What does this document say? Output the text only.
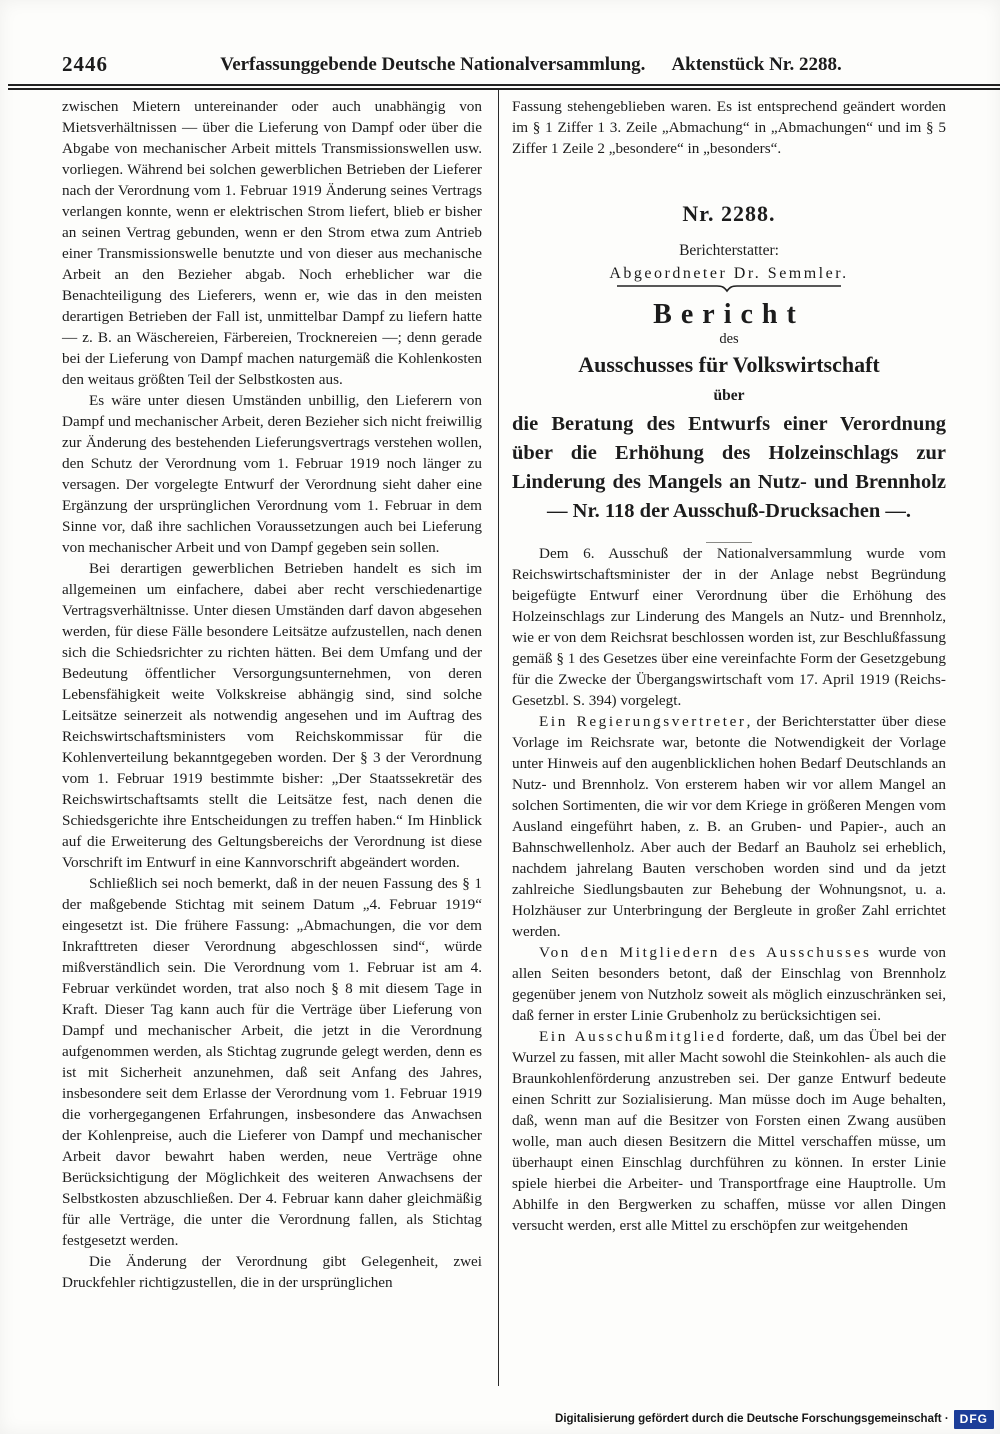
2446	Verfassunggebende Deutsche Nationalversammlung. Aktenstück Nr. 2288.

zwischen Mietern untereinander oder auch unabhängig von Mietsverhältnissen — über die Lieferung von Dampf oder über die Abgabe von mechanischer Arbeit mittels Transmissionswellen usw. vorliegen. Während bei solchen gewerblichen Betrieben der Lieferer nach der Verordnung vom 1. Februar 1919 Änderung seines Vertrags verlangen konnte, wenn er elektrischen Strom liefert, blieb er bisher an seinen Vertrag gebunden, wenn er den Strom etwa zum Antrieb einer Transmissionswelle benutzte und von dieser aus mechanische Arbeit an den Bezieher abgab. Noch erheblicher war die Benachteiligung des Lieferers, wenn er, wie das in den meisten derartigen Betrieben der Fall ist, unmittelbar Dampf zu liefern hatte — z. B. an Wäschereien, Färbereien, Trocknereien —; denn gerade bei der Lieferung von Dampf machen naturgemäß die Kohlenkosten den weitaus größten Teil der Selbstkosten aus.

Es wäre unter diesen Umständen unbillig, den Lieferern von Dampf und mechanischer Arbeit, deren Bezieher sich nicht freiwillig zur Änderung des bestehenden Lieferungsvertrags verstehen wollen, den Schutz der Verordnung vom 1. Februar 1919 noch länger zu versagen. Der vorgelegte Entwurf der Verordnung sieht daher eine Ergänzung der ursprünglichen Verordnung vom 1. Februar in dem Sinne vor, daß ihre sachlichen Voraussetzungen auch bei Lieferung von mechanischer Arbeit und von Dampf gegeben sein sollen.

Bei derartigen gewerblichen Betrieben handelt es sich im allgemeinen um einfachere, dabei aber recht verschiedenartige Vertragsverhältnisse. Unter diesen Umständen darf davon abgesehen werden, für diese Fälle besondere Leitsätze aufzustellen, nach denen sich die Schiedsrichter zu richten hätten. Bei dem Umfang und der Bedeutung öffentlicher Versorgungsunternehmen, von deren Lebensfähigkeit weite Volkskreise abhängig sind, sind solche Leitsätze seinerzeit als notwendig angesehen und im Auftrag des Reichswirtschaftsministers vom Reichskommissar für die Kohlenverteilung bekanntgegeben worden. Der § 3 der Verordnung vom 1. Februar 1919 bestimmte bisher: „Der Staatssekretär des Reichswirtschaftsamts stellt die Leitsätze fest, nach denen die Schiedsgerichte ihre Entscheidungen zu treffen haben.“ Im Hinblick auf die Erweiterung des Geltungsbereichs der Verordnung ist diese Vorschrift im Entwurf in eine Kannvorschrift abgeändert worden.

Schließlich sei noch bemerkt, daß in der neuen Fassung des § 1 der maßgebende Stichtag mit seinem Datum „4. Februar 1919“ eingesetzt ist. Die frühere Fassung: „Abmachungen, die vor dem Inkrafttreten dieser Verordnung abgeschlossen sind“, würde mißverständlich sein. Die Verordnung vom 1. Februar ist am 4. Februar verkündet worden, trat also noch § 8 mit diesem Tage in Kraft. Dieser Tag kann auch für die Verträge über Lieferung von Dampf und mechanischer Arbeit, die jetzt in die Verordnung aufgenommen werden, als Stichtag zugrunde gelegt werden, denn es ist mit Sicherheit anzunehmen, daß seit Anfang des Jahres, insbesondere seit dem Erlasse der Verordnung vom 1. Februar 1919 die vorhergegangenen Erfahrungen, insbesondere das Anwachsen der Kohlenpreise, auch die Lieferer von Dampf und mechanischer Arbeit davor bewahrt haben werden, neue Verträge ohne Berücksichtigung der Möglichkeit des weiteren Anwachsens der Selbstkosten abzuschließen. Der 4. Februar kann daher gleichmäßig für alle Verträge, die unter die Verordnung fallen, als Stichtag festgesetzt werden.

Die Änderung der Verordnung gibt Gelegenheit, zwei Druckfehler richtigzustellen, die in der ursprünglichen

Fassung stehengeblieben waren. Es ist entsprechend geändert worden im § 1 Ziffer 1 3. Zeile „Abmachung“ in „Abmachungen“ und im § 5 Ziffer 1 Zeile 2 „besondere“ in „besonders“.

Nr. 2288.
Berichterstatter:
Abgeordneter Dr. Semmler.
Bericht
des
Ausschusses für Volkswirtschaft
über
die Beratung des Entwurfs einer Verordnung über die Erhöhung des Holzeinschlags zur Linderung des Mangels an Nutz- und Brennholz — Nr. 118 der Ausschuß-Drucksachen —.

Dem 6. Ausschuß der Nationalversammlung wurde vom Reichswirtschaftsminister der in der Anlage nebst Begründung beigefügte Entwurf einer Verordnung über die Erhöhung des Holzeinschlags zur Linderung des Mangels an Nutz- und Brennholz, wie er von dem Reichsrat beschlossen worden ist, zur Beschlußfassung gemäß § 1 des Gesetzes über eine vereinfachte Form der Gesetzgebung für die Zwecke der Übergangswirtschaft vom 17. April 1919 (Reichs-Gesetzbl. S. 394) vorgelegt.

Ein Regierungsvertreter, der Berichterstatter über diese Vorlage im Reichsrate war, betonte die Notwendigkeit der Vorlage unter Hinweis auf den augenblicklichen hohen Bedarf Deutschlands an Nutz- und Brennholz. Von ersterem haben wir vor allem Mangel an solchen Sortimenten, die wir vor dem Kriege in größeren Mengen vom Ausland eingeführt haben, z. B. an Gruben- und Papier-, auch an Bahnschwellenholz. Aber auch der Bedarf an Bauholz sei erheblich, nachdem jahrelang Bauten verschoben worden sind und da jetzt zahlreiche Siedlungsbauten zur Behebung der Wohnungsnot, u. a. Holzhäuser zur Unterbringung der Bergleute in großer Zahl errichtet werden.

Von den Mitgliedern des Ausschusses wurde von allen Seiten besonders betont, daß der Einschlag von Brennholz gegenüber jenem von Nutzholz soweit als möglich einzuschränken sei, daß ferner in erster Linie Grubenholz zu berücksichtigen sei.

Ein Ausschußmitglied forderte, daß, um das Übel bei der Wurzel zu fassen, mit aller Macht sowohl die Steinkohlen- als auch die Braunkohlenförderung anzustreben sei. Der ganze Entwurf bedeute einen Schritt zur Sozialisierung. Man müsse doch im Auge behalten, daß, wenn man auf die Besitzer von Forsten einen Zwang ausüben wolle, man auch diesen Besitzern die Mittel verschaffen müsse, um überhaupt einen Einschlag durchführen zu können. In erster Linie spiele hierbei die Arbeiter- und Transportfrage eine Hauptrolle. Um Abhilfe in den Bergwerken zu schaffen, müsse vor allen Dingen versucht werden, erst alle Mittel zu erschöpfen zur weitgehenden

Digitalisierung gefördert durch die Deutsche Forschungsgemeinschaft · DFG
